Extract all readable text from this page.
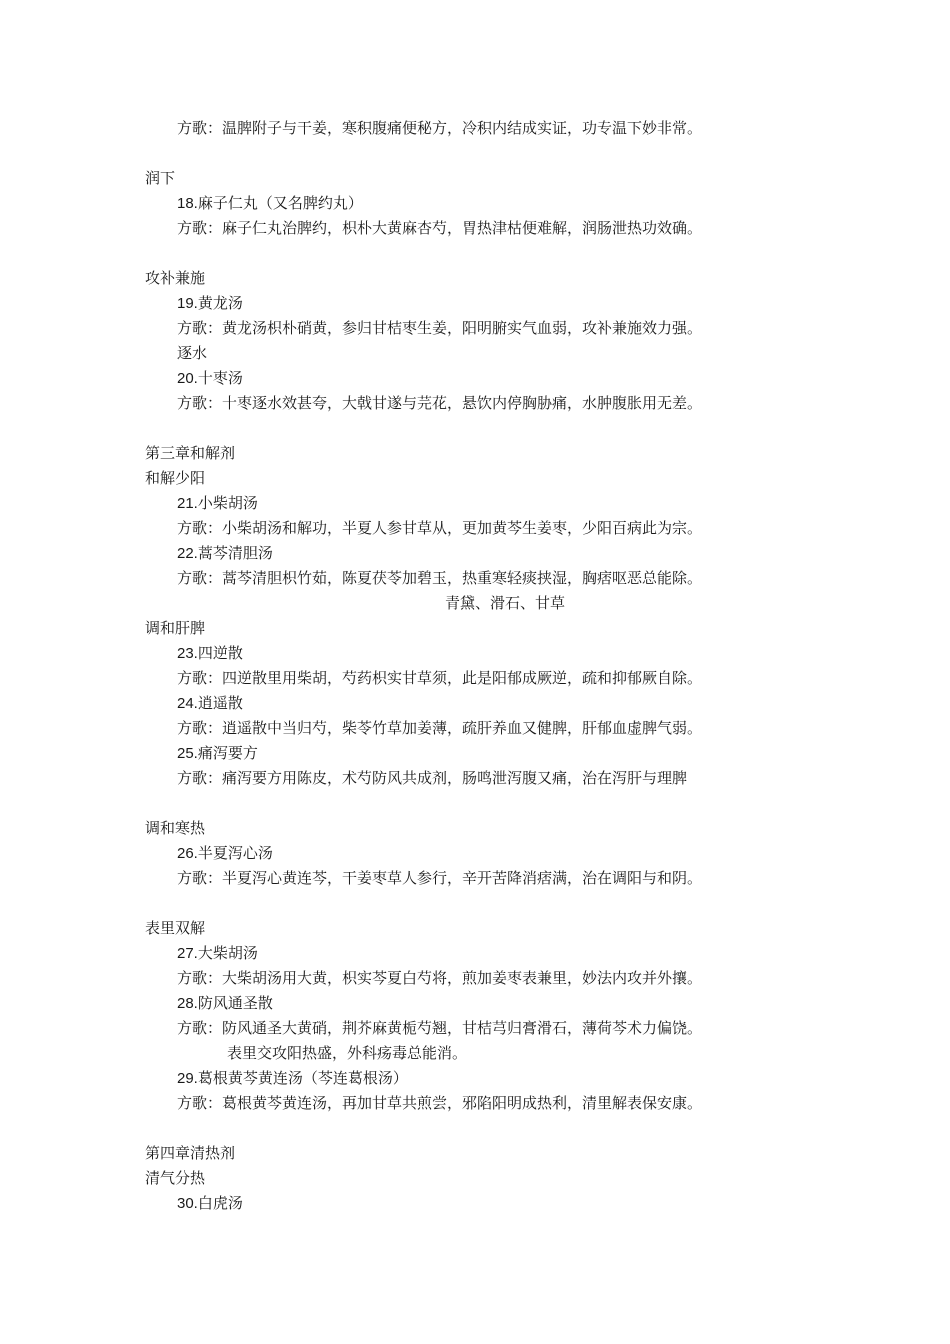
方歌：温脾附子与干姜，寒积腹痛便秘方，冷积内结成实证，功专温下妙非常。
润下
18.麻子仁丸（又名脾约丸）
方歌：麻子仁丸治脾约，枳朴大黄麻杏芍，胃热津枯便难解，润肠泄热功效确。
攻补兼施
19.黄龙汤
方歌：黄龙汤枳朴硝黄，参归甘桔枣生姜，阳明腑实气血弱，攻补兼施效力强。
逐水
20.十枣汤
方歌：十枣逐水效甚夸，大戟甘遂与芫花，悬饮内停胸胁痛，水肿腹胀用无差。
第三章和解剂
和解少阳
21.小柴胡汤
方歌：小柴胡汤和解功，半夏人参甘草从，更加黄芩生姜枣，少阳百病此为宗。
22.蒿芩清胆汤
方歌：蒿芩清胆枳竹茹，陈夏茯苓加碧玉，热重寒轻痰挟湿，胸痞呕恶总能除。
青黛、滑石、甘草
调和肝脾
23.四逆散
方歌：四逆散里用柴胡，芍药枳实甘草须，此是阳郁成厥逆，疏和抑郁厥自除。
24.逍遥散
方歌：逍遥散中当归芍，柴苓竹草加姜薄，疏肝养血又健脾，肝郁血虚脾气弱。
25.痛泻要方
方歌：痛泻要方用陈皮，术芍防风共成剂，肠鸣泄泻腹又痛，治在泻肝与理脾
调和寒热
26.半夏泻心汤
方歌：半夏泻心黄连芩，干姜枣草人参行，辛开苦降消痞满，治在调阳与和阴。
表里双解
27.大柴胡汤
方歌：大柴胡汤用大黄，枳实芩夏白芍将，煎加姜枣表兼里，妙法内攻并外攘。
28.防风通圣散
方歌：防风通圣大黄硝，荆芥麻黄栀芍翘，甘桔芎归膏滑石，薄荷芩术力偏饶。
表里交攻阳热盛，外科疡毒总能消。
29.葛根黄芩黄连汤（芩连葛根汤）
方歌：葛根黄芩黄连汤，再加甘草共煎尝，邪陷阳明成热利，清里解表保安康。
第四章清热剂
清气分热
30.白虎汤
